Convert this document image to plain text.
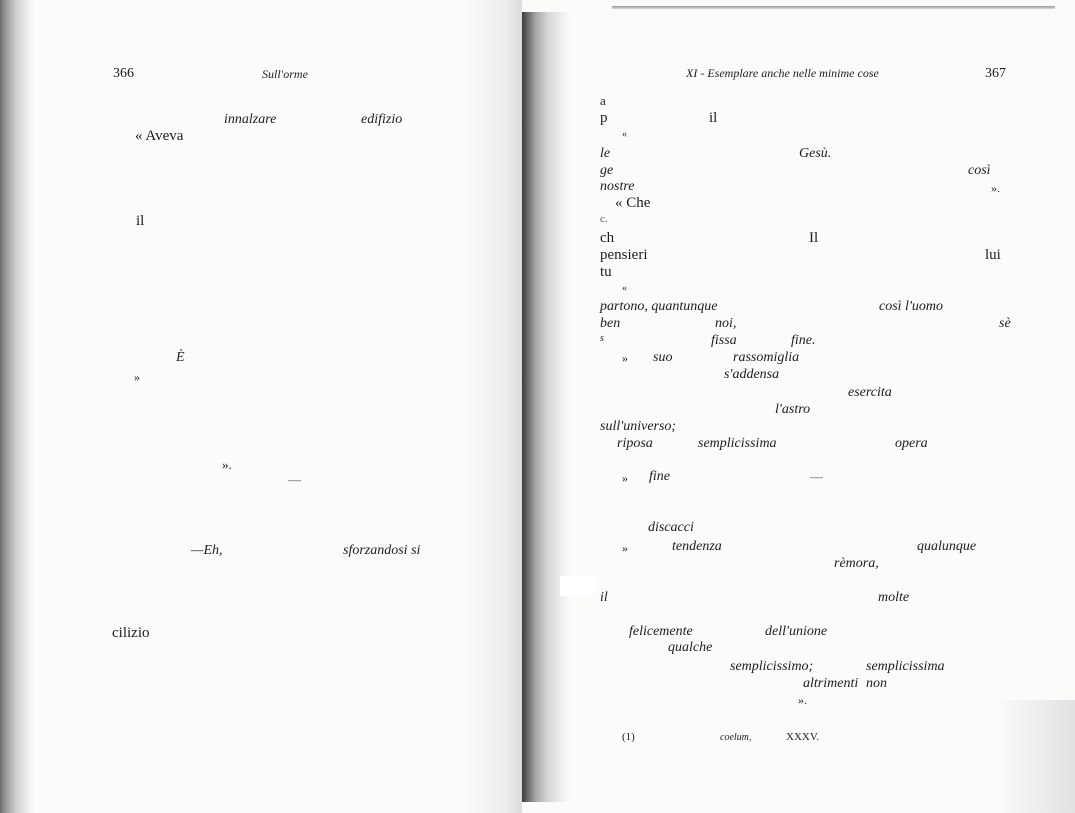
366	Sull'orme
innalzare	edifizio
« Aveva
il
È
»
».
—
—Eh,	sforzandosi si
cilizio
XI - Esemplare anche nelle minime cose	367
a
p	il
«
le	Gesù.
ge	così
nostre	».
« Che
c.
ch	Il
pensieri	lui
tu
«
partono, quantunque	così l'uomo
ben	noi,	sè
s	fissa	fine.
» suo	rassomiglia
s'addensa
esercita
l'astro
sull'universo;
riposa	semplicissima	opera
» fine	—
discacci
»	tendenza	qualunque
rèmora,
il	molte
felicemente	dell'unione
qualche
semplicissimo;	semplicissima
altrimenti non
».
(1)	coelum,	XXXV.
